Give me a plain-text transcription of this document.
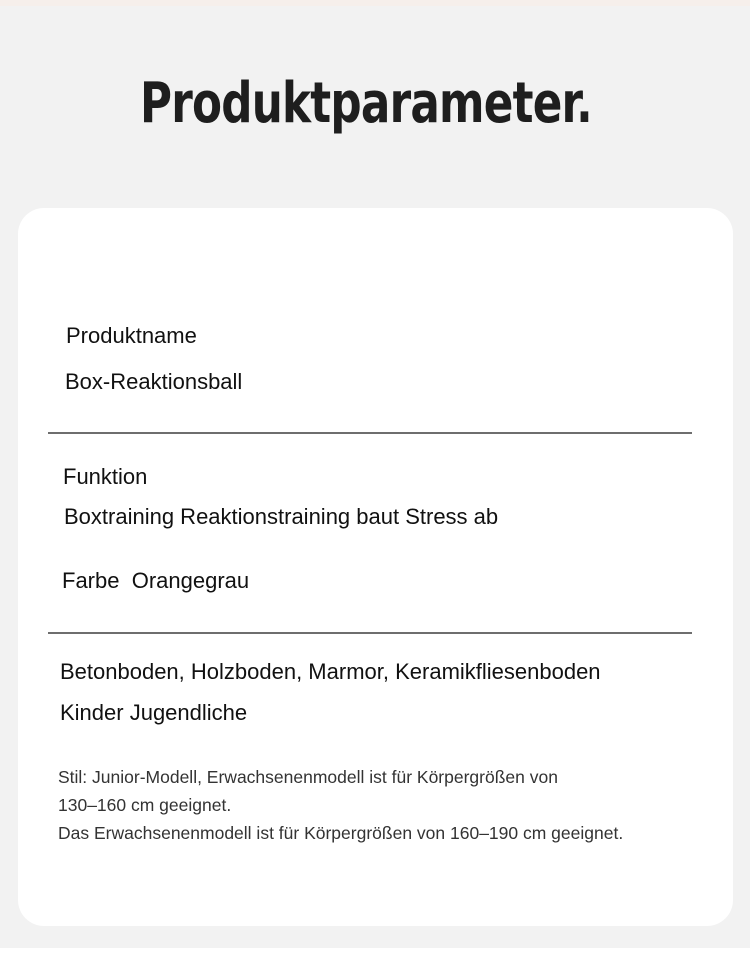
Produktparameter.
Produktname
Box-Reaktionsball
Funktion
Boxtraining Reaktionstraining baut Stress ab
Farbe Orangegrau
Betonboden, Holzboden, Marmor, Keramikfliesenboden
Kinder Jugendliche
Stil: Junior-Modell, Erwachsenenmodell ist für Körpergrößen von
130–160 cm geeignet.
Das Erwachsenenmodell ist für Körpergrößen von 160–190 cm geeignet.
